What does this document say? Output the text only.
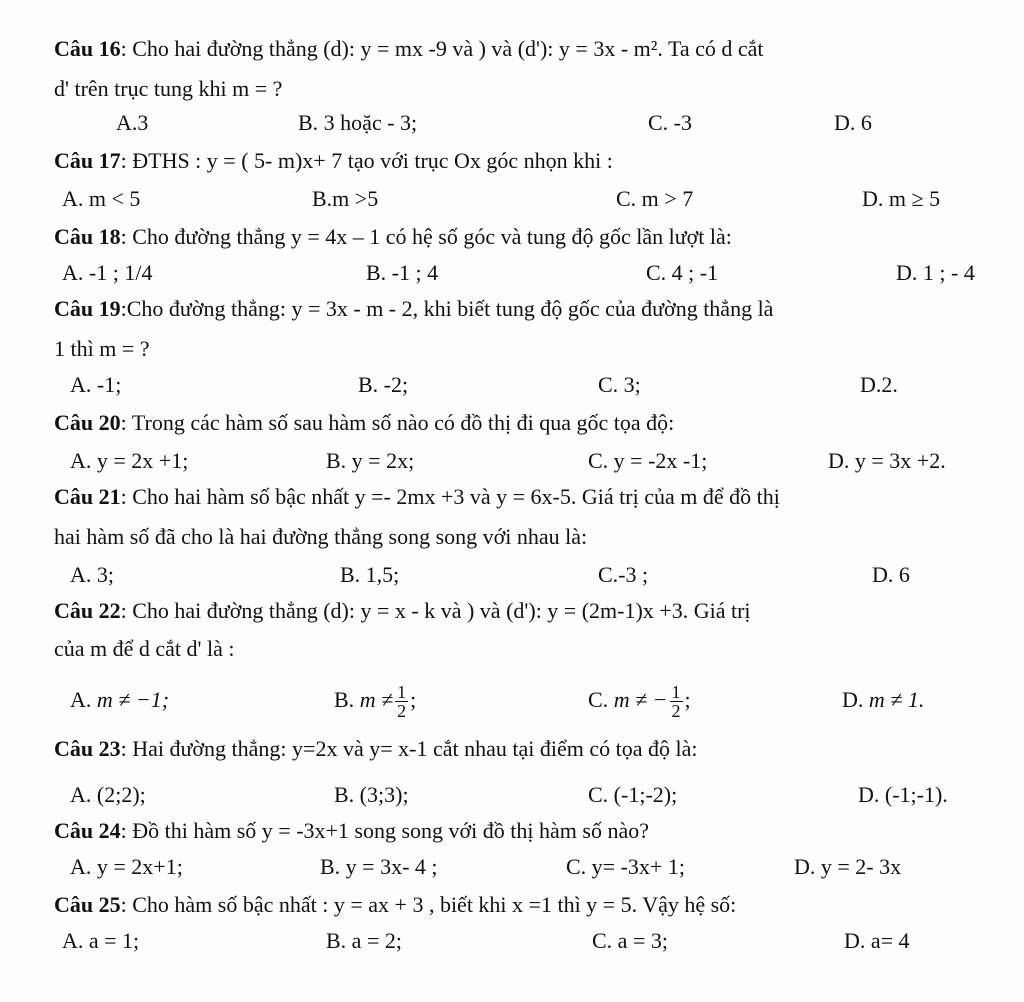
Câu 16: Cho hai đường thẳng (d): y = mx -9 và ) và (d'): y = 3x - m². Ta có d cắt
d' trên trục tung khi m = ?
A.3	B. 3 hoặc - 3;	C. -3	D. 6
Câu 17: ĐTHS : y = ( 5- m)x+ 7 tạo với trục Ox góc nhọn khi :
A. m < 5	B.m >5	C. m > 7	D. m ≥ 5
Câu 18: Cho đường thẳng y = 4x – 1 có hệ số góc và tung độ gốc lần lượt là:
A. -1 ; 1/4	B. -1 ; 4	C. 4 ; -1	D. 1 ; - 4
Câu 19:Cho đường thẳng: y = 3x - m - 2, khi biết tung độ gốc của đường thẳng là
1 thì m = ?
A. -1;	B. -2;	C. 3;	D.2.
Câu 20: Trong các hàm số sau hàm số nào có đồ thị đi qua gốc tọa độ:
A. y = 2x +1;	B. y = 2x;	C. y = -2x -1;	D. y = 3x +2.
Câu 21: Cho hai hàm số bậc nhất y =- 2mx +3 và y = 6x-5. Giá trị của m để đồ thị
hai hàm số đã cho là hai đường thẳng song song với nhau là:
A. 3;	B. 1,5;	C.-3 ;	D. 6
Câu 22: Cho hai đường thẳng (d): y = x - k và ) và (d'): y = (2m-1)x +3. Giá trị
của m để d cắt d' là :
A. m ≠ −1;	B. $m \ne \frac{1}{2}$ ;	C. m ≠ − $\frac{1}{2}$ ;	D. m ≠ 1.
Câu 23: Hai đường thẳng: y=2x và y= x-1 cắt nhau tại điểm có tọa độ là:
A. (2;2);	B. (3;3);	C. (-1;-2);	D. (-1;-1).
Câu 24: Đồ thi hàm số y = -3x+1 song song với đồ thị hàm số nào?
A. y = 2x+1;	B. y = 3x- 4 ;	C. y= -3x+ 1;	D. y = 2- 3x
Câu 25: Cho hàm số bậc nhất : y = ax + 3 , biết khi x =1 thì y = 5. Vậy hệ số:
A. a = 1;	B. a = 2;	C. a = 3;	D. a= 4
